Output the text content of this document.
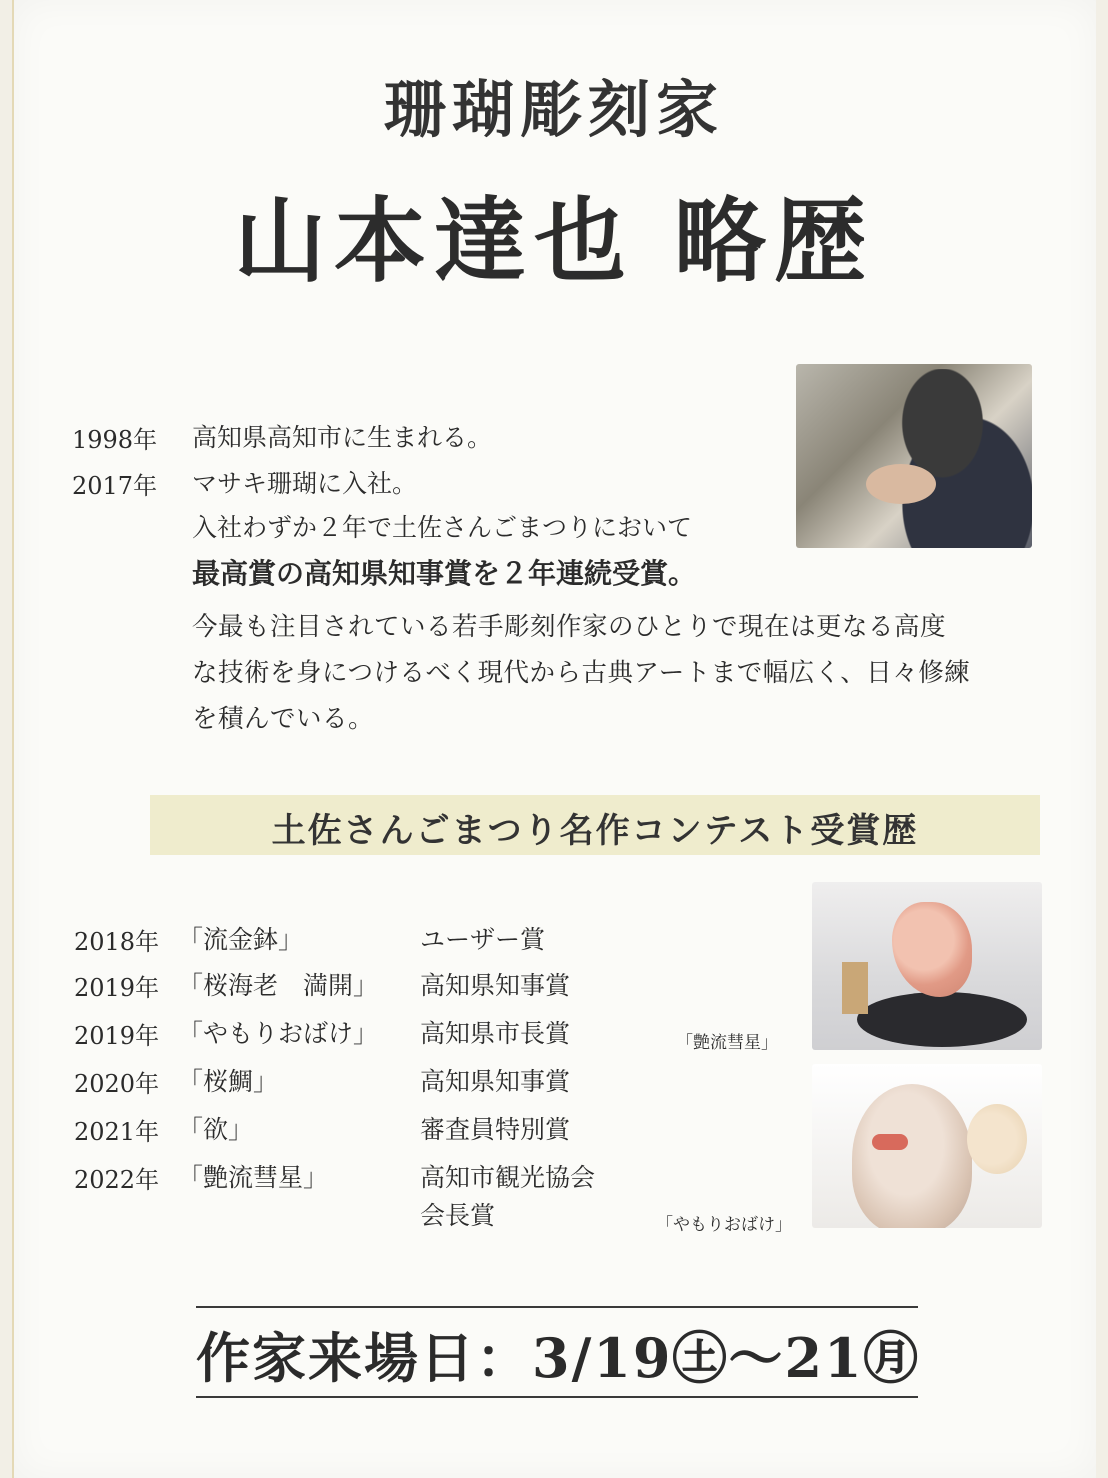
珊瑚彫刻家
山本達也 略歴
1998年 高知県高知市に生まれる。
2017年 マサキ珊瑚に入社。
入社わずか２年で土佐さんごまつりにおいて
最高賞の高知県知事賞を２年連続受賞。
今最も注目されている若手彫刻作家のひとりで現在は更なる高度
な技術を身につけるべく現代から古典アートまで幅広く、日々修練
を積んでいる。
土佐さんごまつり名作コンテスト受賞歴
2018年 「流金鉢」	ユーザー賞
2019年 「桜海老　満開」 高知県知事賞
2019年 「やもりおばけ」 高知県市長賞
2020年 「桜鯛」	高知県知事賞
2021年 「欲」	審査員特別賞
2022年 「艶流彗星」	高知市観光協会
会長賞
「艶流彗星」
「やもりおばけ」
作家来場日：3/19㊏～21㊊
